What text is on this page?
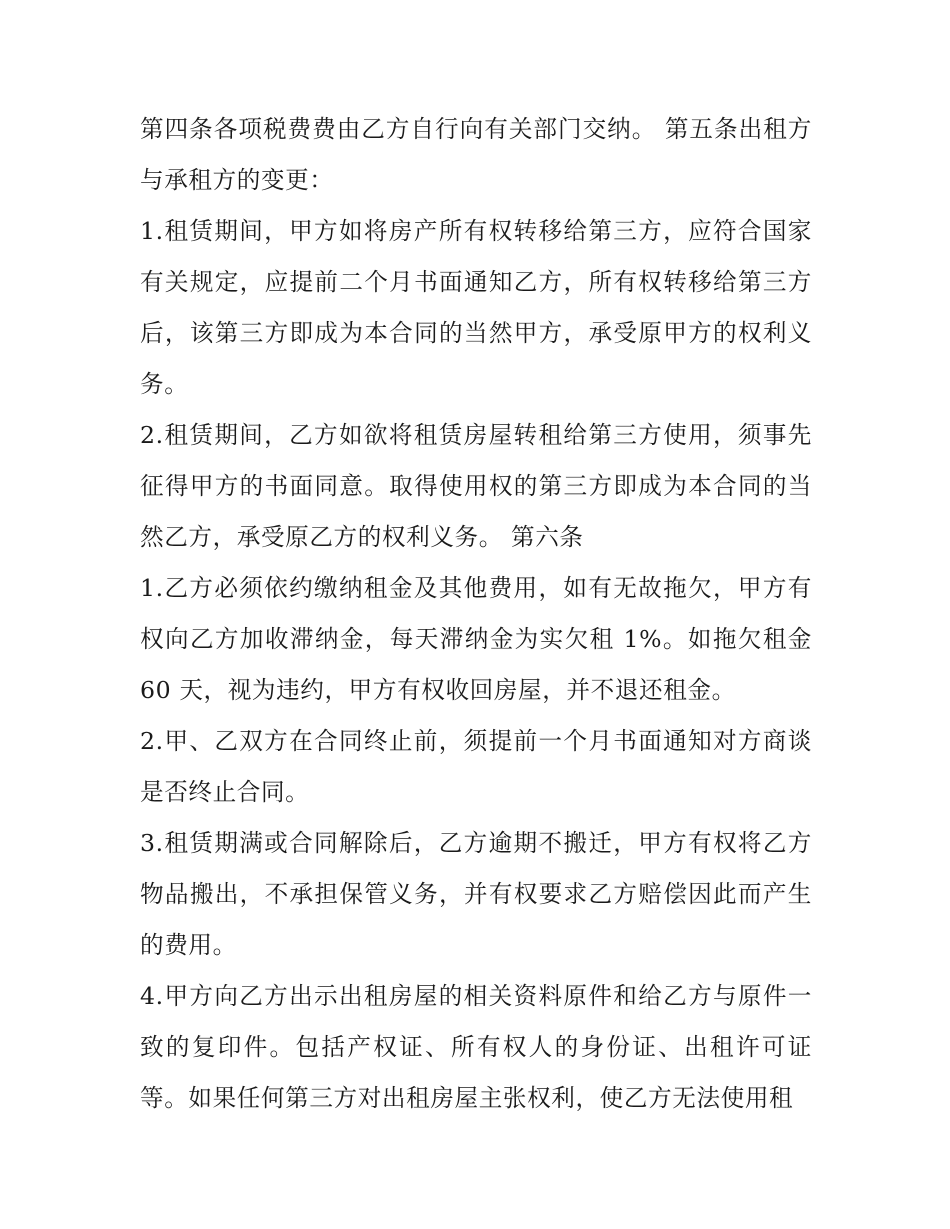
第四条各项税费费由乙方自行向有关部门交纳。 第五条出租方与承租方的变更：

1.租赁期间，甲方如将房产所有权转移给第三方，应符合国家有关规定，应提前二个月书面通知乙方，所有权转移给第三方后，该第三方即成为本合同的当然甲方，承受原甲方的权利义务。

2.租赁期间，乙方如欲将租赁房屋转租给第三方使用，须事先征得甲方的书面同意。取得使用权的第三方即成为本合同的当然乙方，承受原乙方的权利义务。 第六条

1.乙方必须依约缴纳租金及其他费用，如有无故拖欠，甲方有权向乙方加收滞纳金，每天滞纳金为实欠租 1%。如拖欠租金 60 天，视为违约，甲方有权收回房屋，并不退还租金。

2.甲、乙双方在合同终止前，须提前一个月书面通知对方商谈是否终止合同。

3.租赁期满或合同解除后，乙方逾期不搬迁，甲方有权将乙方物品搬出，不承担保管义务，并有权要求乙方赔偿因此而产生的费用。

4.甲方向乙方出示出租房屋的相关资料原件和给乙方与原件一致的复印件。包括产权证、所有权人的身份证、出租许可证等。如果任何第三方对出租房屋主张权利，使乙方无法使用租
